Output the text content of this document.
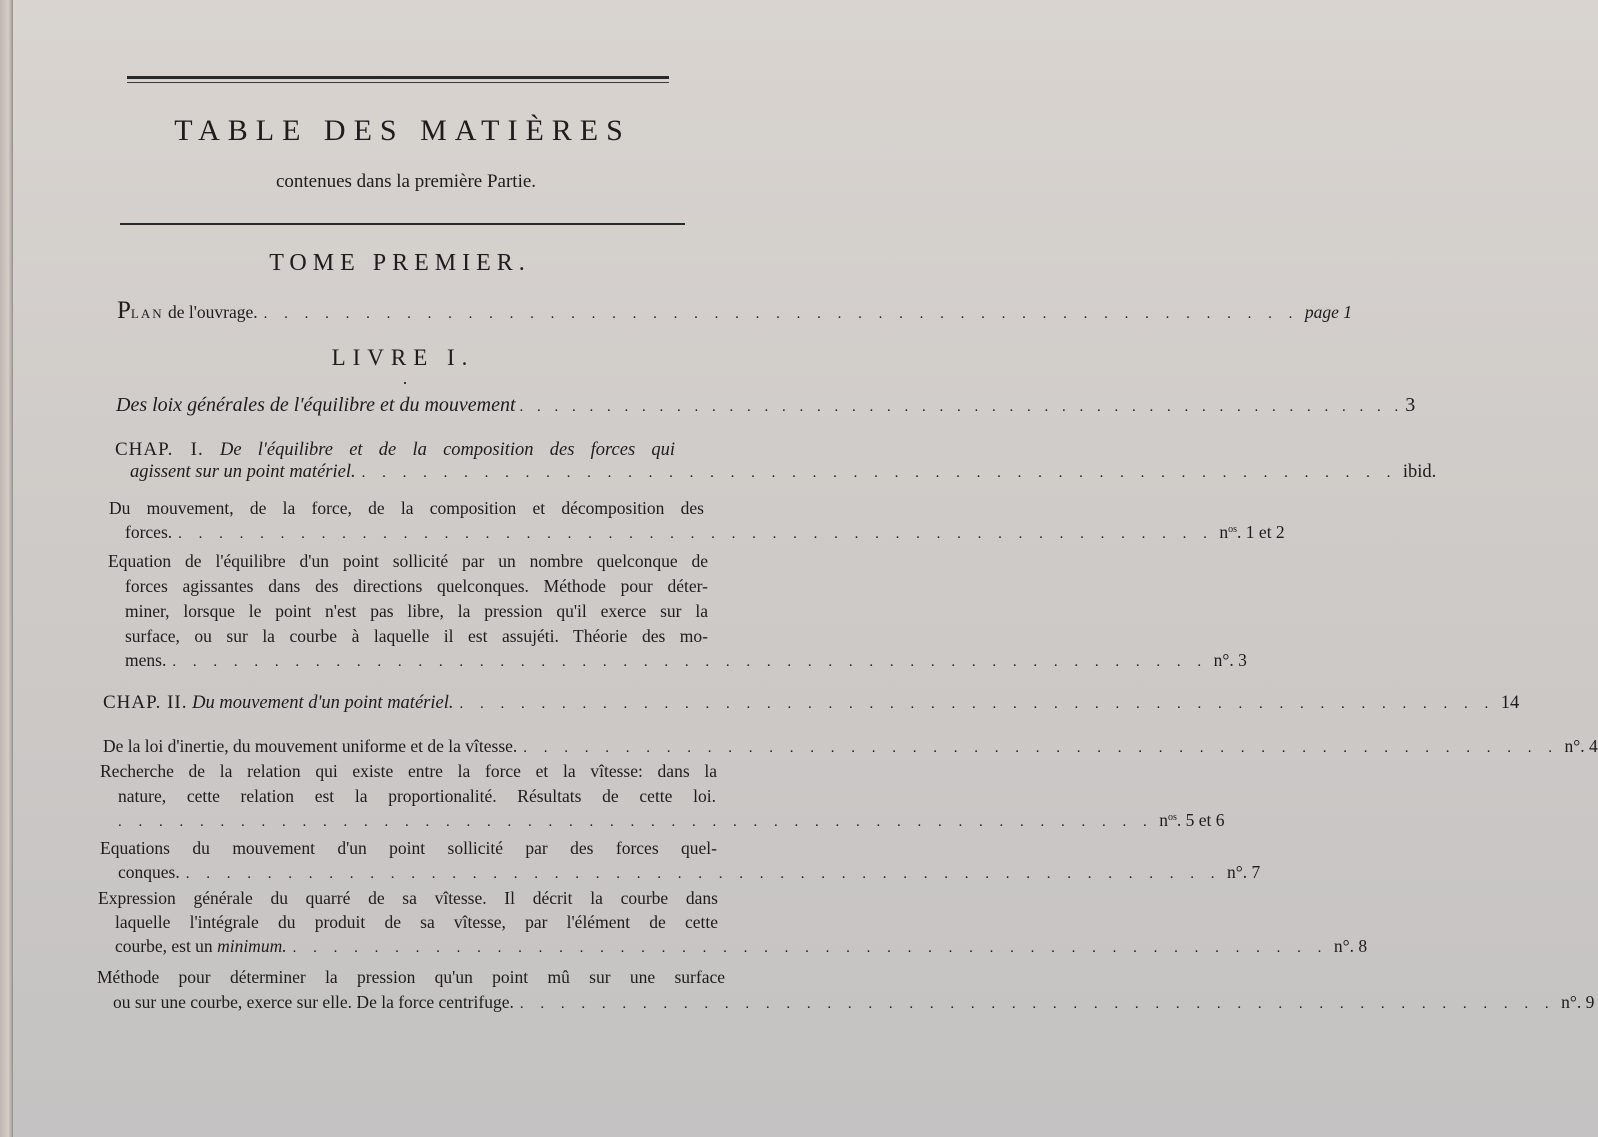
TABLE DES MATIÈRES
contenues dans la première Partie.
TOME PREMIER.
PLAN de l'ouvrage. . . . . . . . . . . . . . . . . . . . . . . . . . . . . . . . . . . . . . . . . . . . . . . . . . . . page 1
LIVRE I.
Des loix générales de l'équilibre et du mouvement . . . . . . . . . . . . . . . . . . . . . . . . . . . . . . . . . . . . . . . . . . . . . . . . . . . 3
CHAP. I. De l'équilibre et de la composition des forces qui
agissent sur un point matériel. . . . . . . . . . . . . . . . . . . . . . . . . . . . . . . . . . . . . . . . . . . . . . . . . . . . ibid.
Du mouvement, de la force, de la composition et décomposition des
forces. . . . . . . . . . . . . . . . . . . . . . . . . . . . . . . . . . . . . . . . . . . . . . . . . . . . $n^{os}$. 1 et 2
Equation de l'équilibre d'un point sollicité par un nombre quelconque de
forces agissantes dans des directions quelconques. Méthode pour déter-
miner, lorsque le point n'est pas libre, la pression qu'il exerce sur la
surface, ou sur la courbe à laquelle il est assujéti. Théorie des mo-
mens. . . . . . . . . . . . . . . . . . . . . . . . . . . . . . . . . . . . . . . . . . . . . . . . . . . . n°. 3
CHAP. II. Du mouvement d'un point matériel. . . . . . . . . . . . . . . . . . . . . . . . . . . . . . . . . . . . . . . . . . . . . . . . . . . . 14
De la loi d'inertie, du mouvement uniforme et de la vîtesse. . . . . . . . . . . . . . . . . . . . . . . . . . . . . . . . . . . . . . . . . . . . . . . . . . . . n°. 4
Recherche de la relation qui existe entre la force et la vîtesse: dans la
nature, cette relation est la proportionalité. Résultats de cette loi.
. . . . . . . . . . . . . . . . . . . . . . . . . . . . . . . . . . . . . . . . . . . . . . . . . . . $n^{os}$. 5 et 6
Equations du mouvement d'un point sollicité par des forces quel-
conques. . . . . . . . . . . . . . . . . . . . . . . . . . . . . . . . . . . . . . . . . . . . . . . . . . . . n°. 7
Expression générale du quarré de sa vîtesse. Il décrit la courbe dans
laquelle l'intégrale du produit de sa vîtesse, par l'élément de cette
courbe, est un minimum. . . . . . . . . . . . . . . . . . . . . . . . . . . . . . . . . . . . . . . . . . . . . . . . . . . . n°. 8
Méthode pour déterminer la pression qu'un point mû sur une surface
ou sur une courbe, exerce sur elle. De la force centrifuge. . . . . . . . . . . . . . . . . . . . . . . . . . . . . . . . . . . . . . . . . . . . . . . . . . . . n°. 9
